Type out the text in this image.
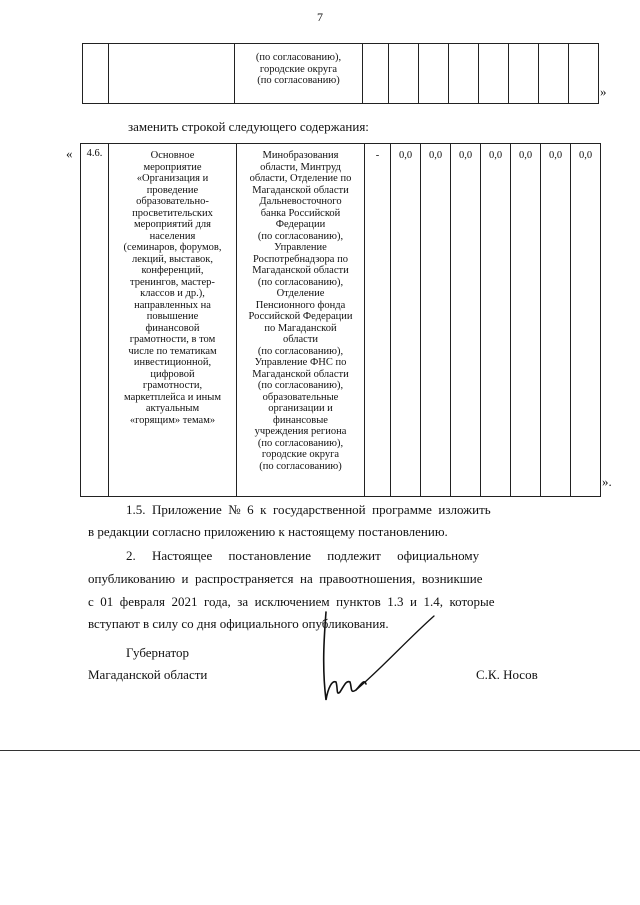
7
		(по согласованию),
городские округа
(по согласованию)								
»
заменить строкой следующего содержания:
« 4.6.	Основное
мероприятие
«Организация и
проведение
образовательно-
просветительских
мероприятий для
населения
(семинаров, форумов,
лекций, выставок,
конференций,
тренингов, мастер-
классов и др.),
направленных на
повышение
финансовой
грамотности, в том
числе по тематикам
инвестиционной,
цифровой
грамотности,
маркетплейса и иным
актуальным
«горящим» темам»	Минобразования
области, Минтруд
области, Отделение по
Магаданской области
Дальневосточного
банка Российской
Федерации
(по согласованию),
Управление
Роспотребнадзора по
Магаданской области
(по согласованию),
Отделение
Пенсионного фонда
Российской Федерации
по Магаданской
области
(по согласованию),
Управление ФНС по
Магаданской области
(по согласованию),
образовательные
организации и
финансовые
учреждения региона
(по согласованию),
городские округа
(по согласованию)	-	0,0	0,0	0,0	0,0	0,0	0,0	0,0
».
1.5.  Приложение  №  6  к  государственной  программе  изложить
в редакции согласно приложению к настоящему постановлению.
2.     Настоящее     постановление     подлежит     официальному
опубликованию  и  распространяется  на  правоотношения,  возникшие
с  01  февраля  2021  года,  за  исключением  пунктов  1.3  и  1.4,  которые
вступают в силу со дня официального опубликования.
Губернатор
Магаданской области	С.К. Носов
